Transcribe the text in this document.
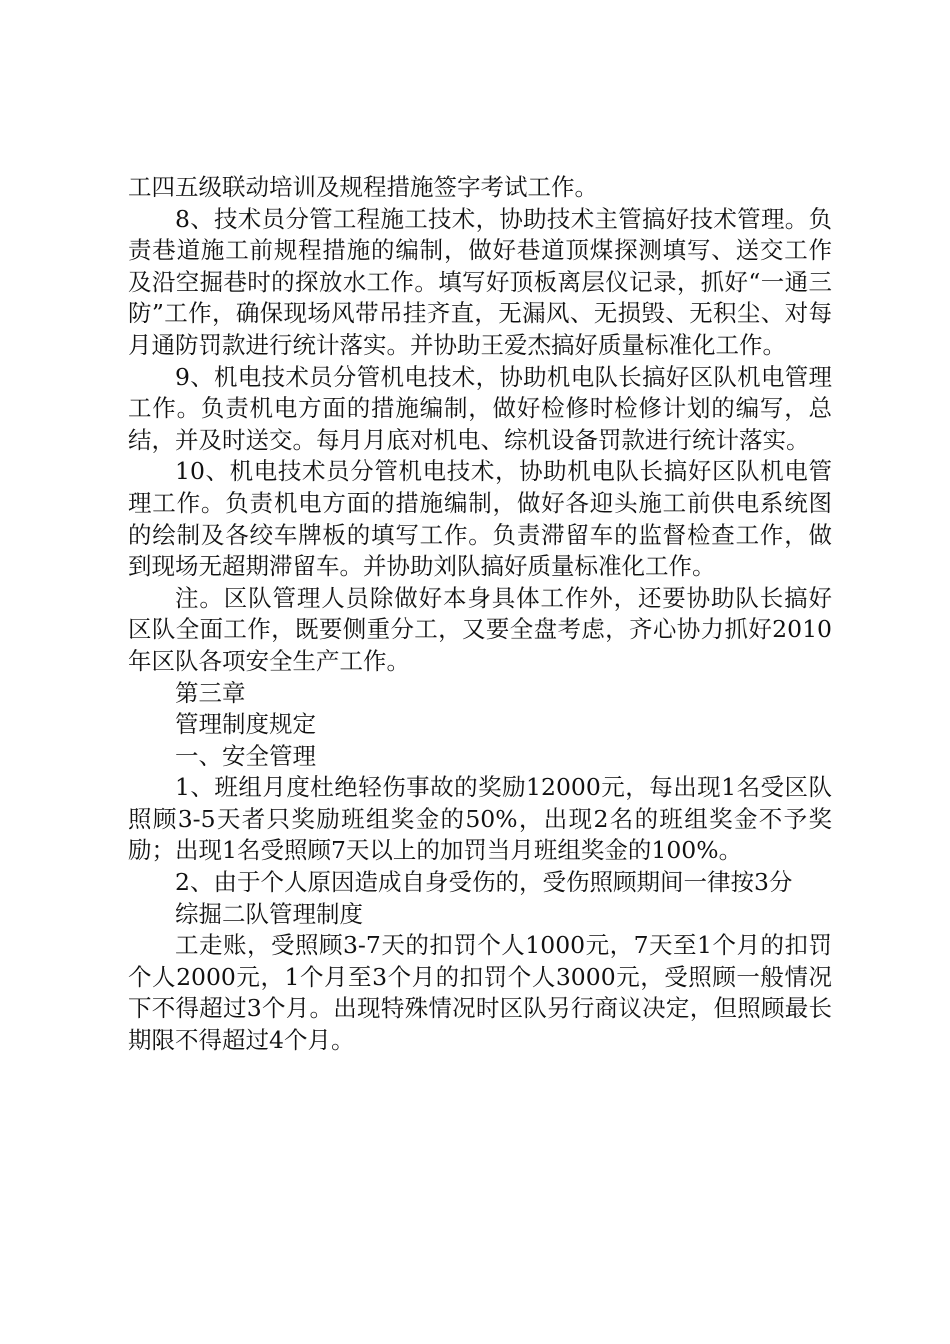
工四五级联动培训及规程措施签字考试工作。

8、技术员分管工程施工技术，协助技术主管搞好技术管理。负责巷道施工前规程措施的编制，做好巷道顶煤探测填写、送交工作及沿空掘巷时的探放水工作。填写好顶板离层仪记录，抓好“一通三防”工作，确保现场风带吊挂齐直，无漏风、无损毁、无积尘、对每月通防罚款进行统计落实。并协助王爱杰搞好质量标准化工作。

9、机电技术员分管机电技术，协助机电队长搞好区队机电管理工作。负责机电方面的措施编制，做好检修时检修计划的编写，总结，并及时送交。每月月底对机电、综机设备罚款进行统计落实。

10、机电技术员分管机电技术，协助机电队长搞好区队机电管理工作。负责机电方面的措施编制，做好各迎头施工前供电系统图的绘制及各绞车牌板的填写工作。负责滞留车的监督检查工作，做到现场无超期滞留车。并协助刘队搞好质量标准化工作。

注。区队管理人员除做好本身具体工作外，还要协助队长搞好区队全面工作，既要侧重分工，又要全盘考虑，齐心协力抓好2010年区队各项安全生产工作。

第三章

管理制度规定

一、安全管理

1、班组月度杜绝轻伤事故的奖励12000元，每出现1名受区队照顾3-5天者只奖励班组奖金的50%，出现2名的班组奖金不予奖励；出现1名受照顾7天以上的加罚当月班组奖金的100%。

2、由于个人原因造成自身受伤的，受伤照顾期间一律按3分

综掘二队管理制度

工走账，受照顾3-7天的扣罚个人1000元，7天至1个月的扣罚个人2000元，1个月至3个月的扣罚个人3000元，受照顾一般情况下不得超过3个月。出现特殊情况时区队另行商议决定，但照顾最长期限不得超过4个月。
